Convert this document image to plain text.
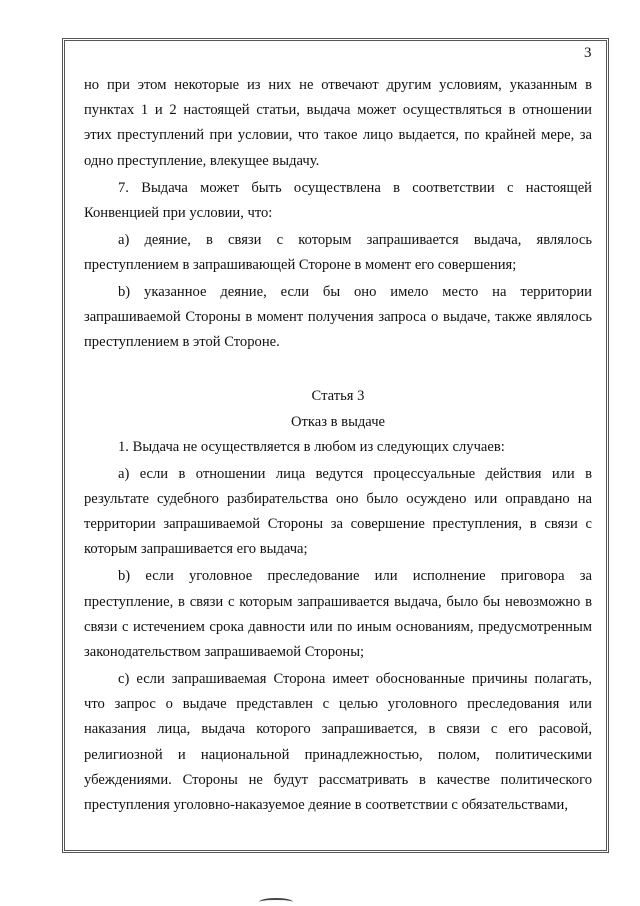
3

но при этом некоторые из них не отвечают другим условиям, указанным в пунктах 1 и 2 настоящей статьи, выдача может осуществляться в отношении этих преступлений при условии, что такое лицо выдается, по крайней мере, за одно преступление, влекущее выдачу.

7. Выдача может быть осуществлена в соответствии с настоящей Конвенцией при условии, что:

а) деяние, в связи с которым запрашивается выдача, являлось преступлением в запрашивающей Стороне в момент его совершения;

b) указанное деяние, если бы оно имело место на территории запрашиваемой Стороны в момент получения запроса о выдаче, также являлось преступлением в этой Стороне.

Статья 3

Отказ в выдаче

1. Выдача не осуществляется в любом из следующих случаев:

а) если в отношении лица ведутся процессуальные действия или в результате судебного разбирательства оно было осуждено или оправдано на территории запрашиваемой Стороны за совершение преступления, в связи с которым запрашивается его выдача;

b) если уголовное преследование или исполнение приговора за преступление, в связи с которым запрашивается выдача, было бы невозможно в связи с истечением срока давности или по иным основаниям, предусмотренным законодательством запрашиваемой Стороны;

с) если запрашиваемая Сторона имеет обоснованные причины полагать, что запрос о выдаче представлен с целью уголовного преследования или наказания лица, выдача которого запрашивается, в связи с его расовой, религиозной и национальной принадлежностью, полом, политическими убеждениями. Стороны не будут рассматривать в качестве политического преступления уголовно-наказуемое деяние в соответствии с обязательствами,
